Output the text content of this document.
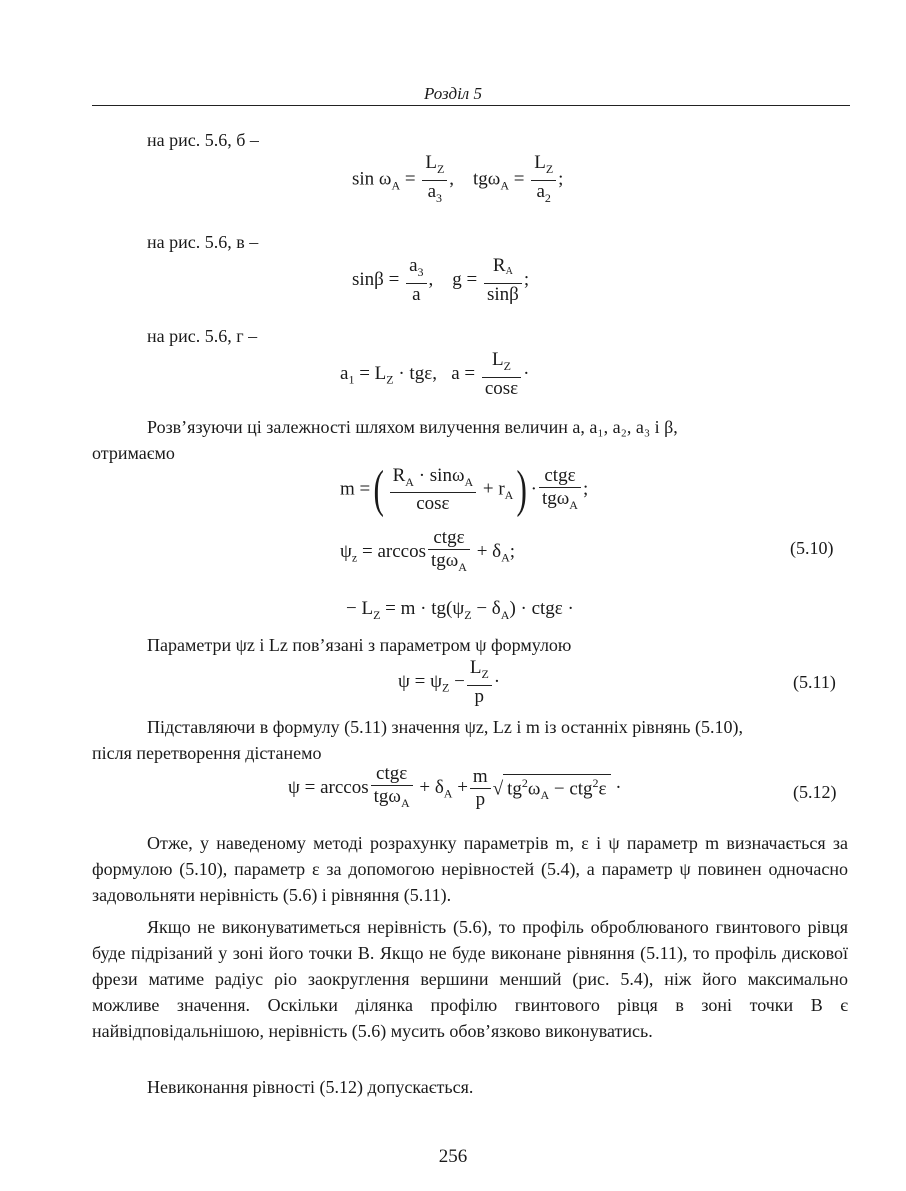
Розділ 5
на рис. 5.6, б –
$\sin \omega_A = \frac{L_Z}{a_3}$ ,    $tg\omega_A = \frac{L_Z}{a_2}$ ;
на рис. 5.6, в –
$\sin\beta = \frac{a_3}{a}$ ,    $g = \frac{RA}{\sin\beta}$ ;
на рис. 5.6, г –
$a_1 = L_Z \cdot tg\varepsilon$,   $a = \frac{L_Z}{\cos\varepsilon}$ ·
Розв’язуючи ці залежності шляхом вилучення величин a, a₁, a₂, a₃ і β,
отримаємо
m =( $\frac{R_A \cdot \sin\omega_A}{\cos\varepsilon} + r_A) \cdot \frac{\text{ctgε}}{tg\omega_A}$ ;
$\psi_z = \arccos \frac{\text{ctgε}}{tg\omega_A} + \delta_A$;	(5.10)
− $L_Z = m \cdot tg(\psi_Z - \delta_A) \cdot ctg\varepsilon$ ·
Параметри ψz і Lz пов’язані з параметром ψ формулою
$\psi = \psi_Z - \frac{L_Z}{p}$ ·	(5.11)
Підставляючи в формулу (5.11) значення ψz, Lz і m із останніх рівнянь (5.10),
після перетворення дістанемо
$\psi = \arccos \frac{\text{ctgε}}{tg\omega_A} + \delta_A + \frac{m}{p}$ √ $tg^2\omega_A - ctg^2\varepsilon$ ·	(5.12)
Отже, у наведеному методі розрахунку параметрів m, ε і ψ параметр m визначається за формулою (5.10), параметр ε за допомогою нерівностей (5.4), а параметр ψ повинен одночасно задовольняти нерівність (5.6) і рівняння (5.11).
Якщо не виконуватиметься нерівність (5.6), то профіль оброблюваного гвинтового рівця буде підрізаний у зоні його точки B. Якщо не буде виконане рівняння (5.11), то профіль дискової фрези матиме радіус ρio заокруглення вершини менший (рис. 5.4), ніж його максимально можливе значення. Оскільки ділянка профілю гвинтового рівця в зоні точки B є найвідповідальнішою, нерівність (5.6) мусить обов’язково виконуватись.
Невиконання рівності (5.12) допускається.
256
